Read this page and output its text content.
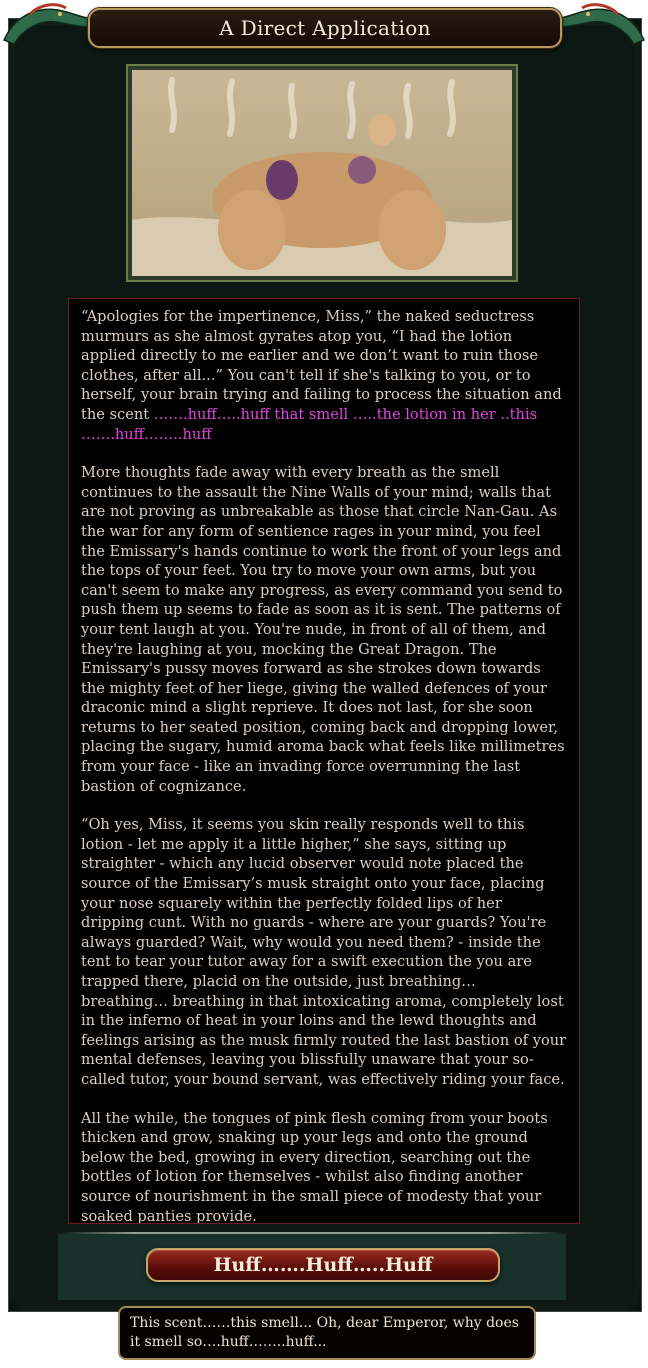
A Direct Application

“Apologies for the impertinence, Miss,” the naked seductress murmurs as she almost gyrates atop you, “I had the lotion applied directly to me earlier and we don’t want to ruin those clothes, after all...” You can't tell if she's talking to you, or to herself, your brain trying and failing to process the situation and the scent …….huff…..huff that smell …..the lotion in her ..this …….huff……..huff

More thoughts fade away with every breath as the smell continues to the assault the Nine Walls of your mind; walls that are not proving as unbreakable as those that circle Nan-Gau. As the war for any form of sentience rages in your mind, you feel the Emissary's hands continue to work the front of your legs and the tops of your feet. You try to move your own arms, but you can't seem to make any progress, as every command you send to push them up seems to fade as soon as it is sent. The patterns of your tent laugh at you. You're nude, in front of all of them, and they're laughing at you, mocking the Great Dragon. The Emissary's pussy moves forward as she strokes down towards the mighty feet of her liege, giving the walled defences of your draconic mind a slight reprieve. It does not last, for she soon returns to her seated position, coming back and dropping lower, placing the sugary, humid aroma back what feels like millimetres from your face - like an invading force overrunning the last bastion of cognizance.

“Oh yes, Miss, it seems you skin really responds well to this lotion - let me apply it a little higher,” she says, sitting up straighter - which any lucid observer would note placed the source of the Emissary’s musk straight onto your face, placing your nose squarely within the perfectly folded lips of her dripping cunt. With no guards - where are your guards? You're always guarded? Wait, why would you need them? - inside the tent to tear your tutor away for a swift execution the you are trapped there, placid on the outside, just breathing… breathing… breathing in that intoxicating aroma, completely lost in the inferno of heat in your loins and the lewd thoughts and feelings arising as the musk firmly routed the last bastion of your mental defenses, leaving you blissfully unaware that your so-called tutor, your bound servant, was effectively riding your face.

All the while, the tongues of pink flesh coming from your boots thicken and grow, snaking up your legs and onto the ground below the bed, growing in every direction, searching out the bottles of lotion for themselves - whilst also finding another source of nourishment in the small piece of modesty that your soaked panties provide.

Huff…….Huff…..Huff

This scent……this smell... Oh, dear Emperor, why does it smell so….huff……..huff...
